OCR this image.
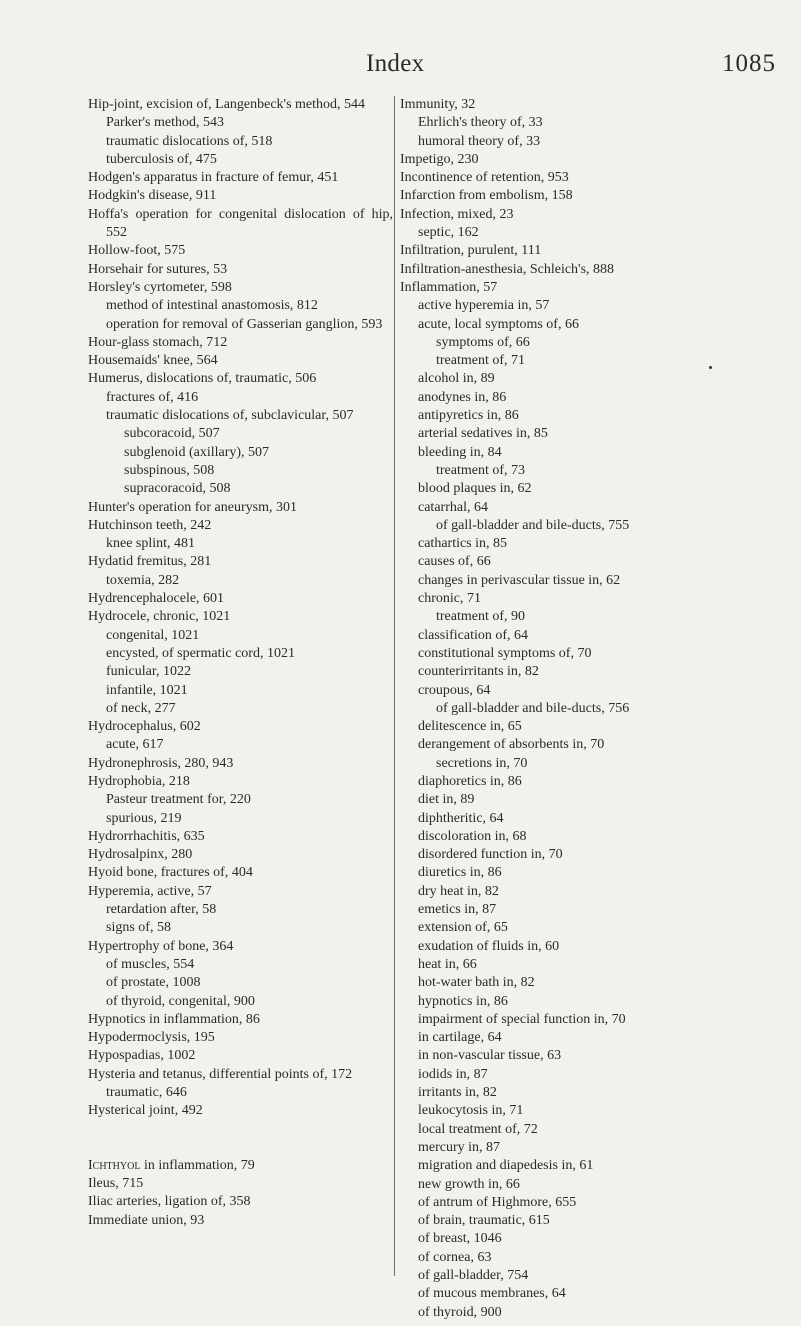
Index	1085
Hip-joint, excision of, Langenbeck's method, 544
Parker's method, 543
traumatic dislocations of, 518
tuberculosis of, 475
Hodgen's apparatus in fracture of femur, 451
Hodgkin's disease, 911
Hoffa's operation for congenital dislocation of hip, 552
Hollow-foot, 575
Horsehair for sutures, 53
Horsley's cyrtometer, 598
method of intestinal anastomosis, 812
operation for removal of Gasserian ganglion, 593
Hour-glass stomach, 712
Housemaids' knee, 564
Humerus, dislocations of, traumatic, 506
fractures of, 416
traumatic dislocations of, subclavicular, 507
subcoracoid, 507
subglenoid (axillary), 507
subspinous, 508
supracoracoid, 508
Hunter's operation for aneurysm, 301
Hutchinson teeth, 242
knee splint, 481
Hydatid fremitus, 281
toxemia, 282
Hydrencephalocele, 601
Hydrocele, chronic, 1021
congenital, 1021
encysted, of spermatic cord, 1021
funicular, 1022
infantile, 1021
of neck, 277
Hydrocephalus, 602
acute, 617
Hydronephrosis, 280, 943
Hydrophobia, 218
Pasteur treatment for, 220
spurious, 219
Hydrorrhachitis, 635
Hydrosalpinx, 280
Hyoid bone, fractures of, 404
Hyperemia, active, 57
retardation after, 58
signs of, 58
Hypertrophy of bone, 364
of muscles, 554
of prostate, 1008
of thyroid, congenital, 900
Hypnotics in inflammation, 86
Hypodermoclysis, 195
Hypospadias, 1002
Hysteria and tetanus, differential points of, 172
traumatic, 646
Hysterical joint, 492
Ichthyol in inflammation, 79
Ileus, 715
Iliac arteries, ligation of, 358
Immediate union, 93
Immunity, 32
Ehrlich's theory of, 33
humoral theory of, 33
Impetigo, 230
Incontinence of retention, 953
Infarction from embolism, 158
Infection, mixed, 23
septic, 162
Infiltration, purulent, 111
Infiltration-anesthesia, Schleich's, 888
Inflammation, 57
active hyperemia in, 57
acute, local symptoms of, 66
symptoms of, 66
treatment of, 71
alcohol in, 89
anodynes in, 86
antipyretics in, 86
arterial sedatives in, 85
bleeding in, 84
treatment of, 73
blood plaques in, 62
catarrhal, 64
of gall-bladder and bile-ducts, 755
cathartics in, 85
causes of, 66
changes in perivascular tissue in, 62
chronic, 71
treatment of, 90
classification of, 64
constitutional symptoms of, 70
counterirritants in, 82
croupous, 64
of gall-bladder and bile-ducts, 756
delitescence in, 65
derangement of absorbents in, 70
secretions in, 70
diaphoretics in, 86
diet in, 89
diphtheritic, 64
discoloration in, 68
disordered function in, 70
diuretics in, 86
dry heat in, 82
emetics in, 87
extension of, 65
exudation of fluids in, 60
heat in, 66
hot-water bath in, 82
hypnotics in, 86
impairment of special function in, 70
in cartilage, 64
in non-vascular tissue, 63
iodids in, 87
irritants in, 82
leukocytosis in, 71
local treatment of, 72
mercury in, 87
migration and diapedesis in, 61
new growth in, 66
of antrum of Highmore, 655
of brain, traumatic, 615
of breast, 1046
of cornea, 63
of gall-bladder, 754
of mucous membranes, 64
of thyroid, 900
